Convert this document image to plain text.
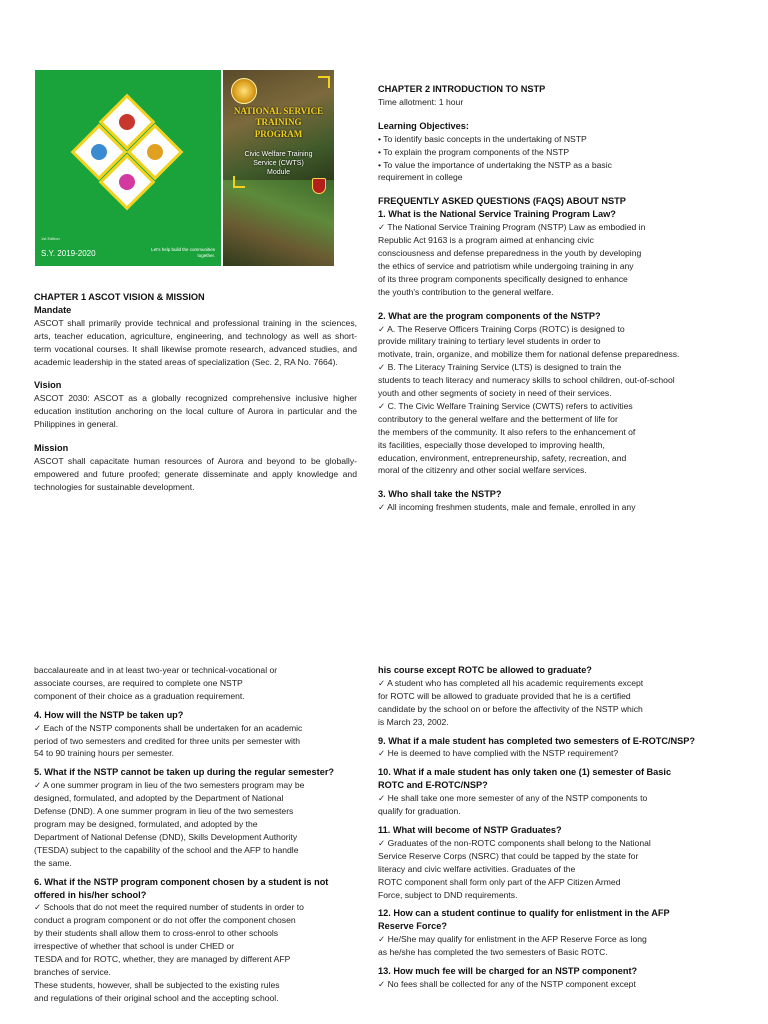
1st Edition
S.Y. 2019-2020	Let's help build the communities together.
NATIONAL SERVICE
TRAINING
PROGRAM
Civic Welfare Training
Service (CWTS)
Module

CHAPTER 1 ASCOT VISION & MISSION

Mandate

ASCOT shall primarily provide technical and professional training in the sciences, arts, teacher education, agriculture, engineering, and technology as well as short-term vocational courses. It shall likewise promote research, advanced studies, and academic leadership in the stated areas of specialization (Sec. 2, RA No. 7664).

Vision

ASCOT 2030: ASCOT as a globally recognized comprehensive inclusive higher education institution anchoring on the local culture of Aurora in particular and the Philippines in general.

Mission

ASCOT shall capacitate human resources of Aurora and beyond to be globally-empowered and future proofed; generate disseminate and apply knowledge and technologies for sustainable development.

CHAPTER 2 INTRODUCTION TO NSTP

Time allotment: 1 hour

Learning Objectives:

• To identify basic concepts in the undertaking of NSTP

• To explain the program components of the NSTP

• To value the importance of undertaking the NSTP as a basic

requirement in college

FREQUENTLY ASKED QUESTIONS (FAQS) ABOUT NSTP

1. What is the National Service Training Program Law?

✓ The National Service Training Program (NSTP) Law as embodied in

Republic Act 9163 is a program aimed at enhancing civic

consciousness and defense preparedness in the youth by developing

the ethics of service and patriotism while undergoing training in any

of its three program components specifically designed to enhance

the youth's contribution to the general welfare.

2. What are the program components of the NSTP?

✓ A. The Reserve Officers Training Corps (ROTC) is designed to

provide military training to tertiary level students in order to

motivate, train, organize, and mobilize them for national defense preparedness.

✓ B. The Literacy Training Service (LTS) is designed to train the

students to teach literacy and numeracy skills to school children, out-of-school

youth and other segments of society in need of their services.

✓ C. The Civic Welfare Training Service (CWTS) refers to activities

contributory to the general welfare and the betterment of life for

the members of the community. It also refers to the enhancement of

its facilities, especially those developed to improving health,

education, environment, entrepreneurship, safety, recreation, and

moral of the citizenry and other social welfare services.

3. Who shall take the NSTP?

✓ All incoming freshmen students, male and female, enrolled in any

baccalaureate and in at least two-year or technical-vocational or

associate courses, are required to complete one NSTP

component of their choice as a graduation requirement.

4. How will the NSTP be taken up?

✓ Each of the NSTP components shall be undertaken for an academic

period of two semesters and credited for three units per semester with

54 to 90 training hours per semester.

5. What if the NSTP cannot be taken up during the regular semester?

✓ A one summer program in lieu of the two semesters program may be

designed, formulated, and adopted by the Department of National

Defense (DND). A one summer program in lieu of the two semesters

program may be designed, formulated, and adopted by the

Department of National Defense (DND), Skills Development Authority

(TESDA) subject to the capability of the school and the AFP to handle

the same.

6. What if the NSTP program component chosen by a student is not

offered in his/her school?

✓ Schools that do not meet the required number of students in order to

conduct a program component or do not offer the component chosen

by their students shall allow them to cross-enrol to other schools

irrespective of whether that school is under CHED or

TESDA and for ROTC, whether, they are managed by different AFP

branches of service.

These students, however, shall be subjected to the existing rules

and regulations of their original school and the accepting school.

his course except ROTC be allowed to graduate?

✓ A student who has completed all his academic requirements except

for ROTC will be allowed to graduate provided that he is a certified

candidate by the school on or before the affectivity of the NSTP which

is March 23, 2002.

9. What if a male student has completed two semesters of E-ROTC/NSP?

✓ He is deemed to have complied with the NSTP requirement?

10. What if a male student has only taken one (1) semester of Basic

ROTC and E-ROTC/NSP?

✓ He shall take one more semester of any of the NSTP components to

qualify for graduation.

11. What will become of NSTP Graduates?

✓ Graduates of the non-ROTC components shall belong to the National

Service Reserve Corps (NSRC) that could be tapped by the state for

literacy and civic welfare activities. Graduates of the

ROTC component shall form only part of the AFP Citizen Armed

Force, subject to DND requirements.

12. How can a student continue to qualify for enlistment in the AFP

Reserve Force?

✓ He/She may qualify for enlistment in the AFP Reserve Force as long

as he/she has completed the two semesters of Basic ROTC.

13. How much fee will be charged for an NSTP component?

✓ No fees shall be collected for any of the NSTP component except
